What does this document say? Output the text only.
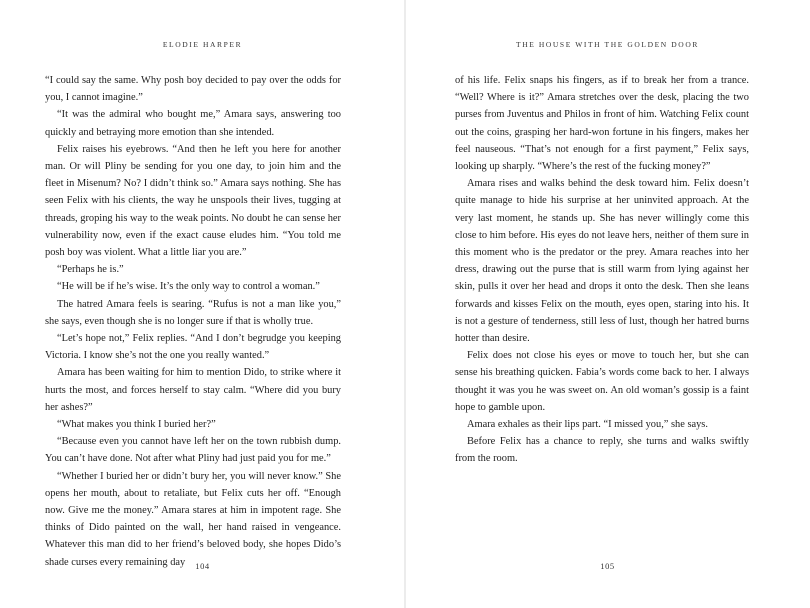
ELODIE HARPER

“I could say the same. Why posh boy decided to pay over the odds for you, I cannot imagine.”

“It was the admiral who bought me,” Amara says, answering too quickly and betraying more emotion than she intended.

Felix raises his eyebrows. “And then he left you here for another man. Or will Pliny be sending for you one day, to join him and the fleet in Misenum? No? I didn’t think so.” Amara says nothing. She has seen Felix with his clients, the way he unspools their lives, tugging at threads, groping his way to the weak points. No doubt he can sense her vulnerability now, even if the exact cause eludes him. “You told me posh boy was violent. What a little liar you are.”

“Perhaps he is.”

“He will be if he’s wise. It’s the only way to control a woman.”

The hatred Amara feels is searing. “Rufus is not a man like you,” she says, even though she is no longer sure if that is wholly true.

“Let’s hope not,” Felix replies. “And I don’t begrudge you keeping Victoria. I know she’s not the one you really wanted.”

Amara has been waiting for him to mention Dido, to strike where it hurts the most, and forces herself to stay calm. “Where did you bury her ashes?”

“What makes you think I buried her?”

“Because even you cannot have left her on the town rubbish dump. You can’t have done. Not after what Pliny had just paid you for me.”

“Whether I buried her or didn’t bury her, you will never know.” She opens her mouth, about to retaliate, but Felix cuts her off. “Enough now. Give me the money.” Amara stares at him in impotent rage. She thinks of Dido painted on the wall, her hand raised in vengeance. Whatever this man did to her friend’s beloved body, she hopes Dido’s shade curses every remaining day	104
THE HOUSE WITH THE GOLDEN DOOR

of his life. Felix snaps his fingers, as if to break her from a trance. “Well? Where is it?” Amara stretches over the desk, placing the two purses from Juventus and Philos in front of him. Watching Felix count out the coins, grasping her hard-won fortune in his fingers, makes her feel nauseous. “That’s not enough for a first payment,” Felix says, looking up sharply. “Where’s the rest of the fucking money?”

Amara rises and walks behind the desk toward him. Felix doesn’t quite manage to hide his surprise at her uninvited approach. At the very last moment, he stands up. She has never willingly come this close to him before. His eyes do not leave hers, neither of them sure in this moment who is the predator or the prey. Amara reaches into her dress, drawing out the purse that is still warm from lying against her skin, pulls it over her head and drops it onto the desk. Then she leans forwards and kisses Felix on the mouth, eyes open, staring into his. It is not a gesture of tenderness, still less of lust, though her hatred burns hotter than desire.

Felix does not close his eyes or move to touch her, but she can sense his breathing quicken. Fabia’s words come back to her. I always thought it was you he was sweet on. An old woman’s gossip is a faint hope to gamble upon.

Amara exhales as their lips part. “I missed you,” she says.

Before Felix has a chance to reply, she turns and walks swiftly from the room.

105
